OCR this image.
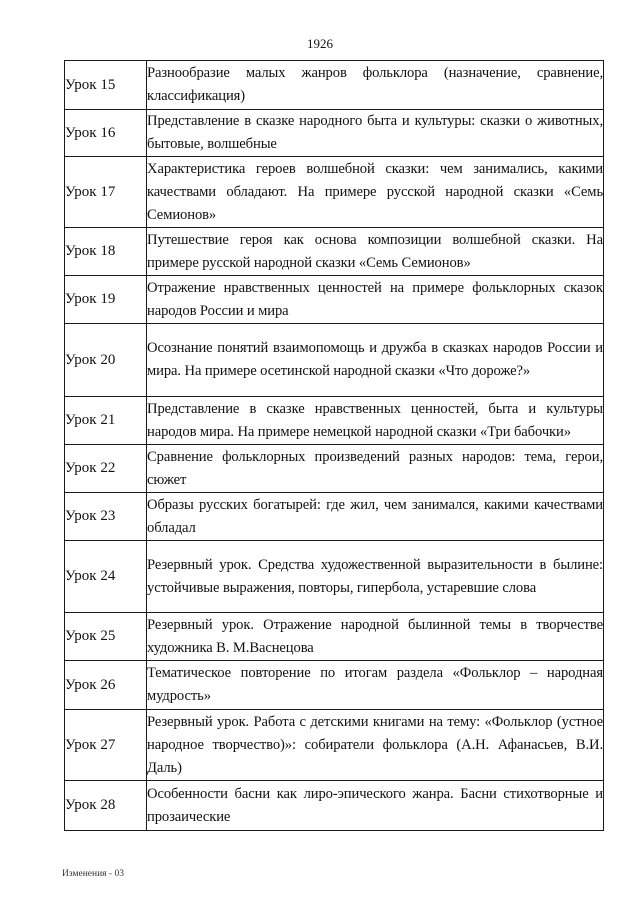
1926
Урок 15	Разнообразие малых жанров фольклора (назначение, сравнение, классификация)
Урок 16	Представление в сказке народного быта и культуры: сказки о животных, бытовые, волшебные
Урок 17	Характеристика героев волшебной сказки: чем занимались, какими качествами обладают. На примере русской народной сказки «Семь Семионов»
Урок 18	Путешествие героя как основа композиции волшебной сказки. На примере русской народной сказки «Семь Семионов»
Урок 19	Отражение нравственных ценностей на примере фольклорных сказок народов России и мира
Урок 20	Осознание понятий взаимопомощь и дружба в сказках народов России и мира. На примере осетинской народной сказки «Что дороже?»
Урок 21	Представление в сказке нравственных ценностей, быта и культуры народов мира. На примере немецкой народной сказки «Три бабочки»
Урок 22	Сравнение фольклорных произведений разных народов: тема, герои, сюжет
Урок 23	Образы русских богатырей: где жил, чем занимался, какими качествами обладал
Урок 24	Резервный урок. Средства художественной выразительности в былине: устойчивые выражения, повторы, гипербола, устаревшие слова
Урок 25	Резервный урок. Отражение народной былинной темы в творчестве художника В. М.Васнецова
Урок 26	Тематическое повторение по итогам раздела «Фольклор – народная мудрость»
Урок 27	Резервный урок. Работа с детскими книгами на тему: «Фольклор (устное народное творчество)»: собиратели фольклора (А.Н. Афанасьев, В.И. Даль)
Урок 28	Особенности басни как лиро-эпического жанра. Басни стихотворные и прозаические
Изменения - 03
